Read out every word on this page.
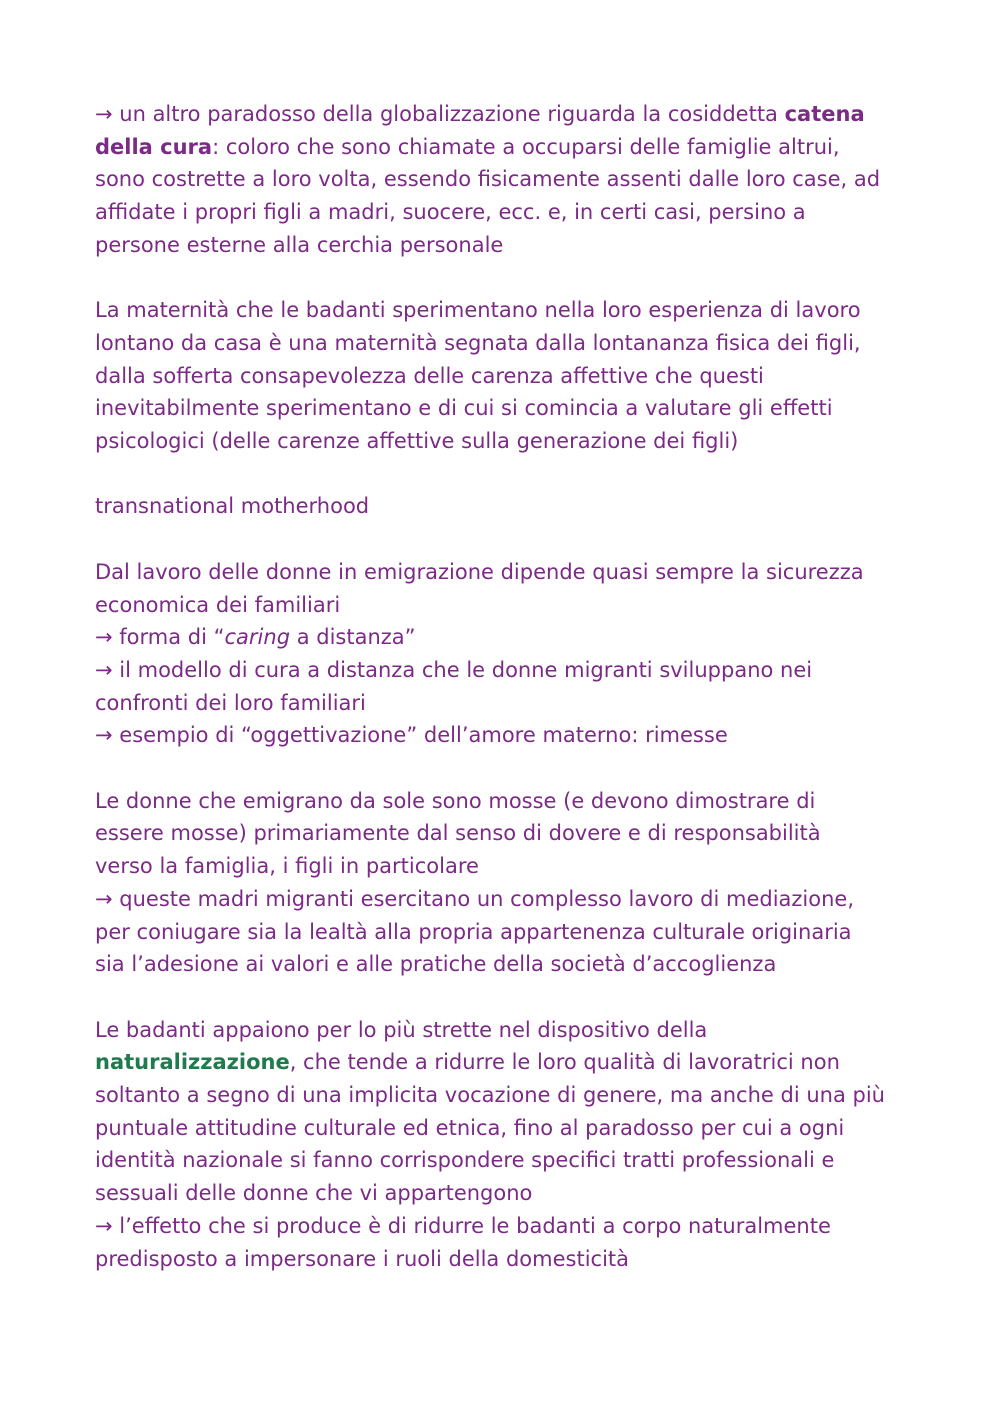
→ un altro paradosso della globalizzazione riguarda la cosiddetta catena
della cura: coloro che sono chiamate a occuparsi delle famiglie altrui,
sono costrette a loro volta, essendo fisicamente assenti dalle loro case, ad
affidate i propri figli a madri, suocere, ecc. e, in certi casi, persino a
persone esterne alla cerchia personale
La maternità che le badanti sperimentano nella loro esperienza di lavoro
lontano da casa è una maternità segnata dalla lontananza fisica dei figli,
dalla sofferta consapevolezza delle carenza affettive che questi
inevitabilmente sperimentano e di cui si comincia a valutare gli effetti
psicologici (delle carenze affettive sulla generazione dei figli)
transnational motherhood
Dal lavoro delle donne in emigrazione dipende quasi sempre la sicurezza
economica dei familiari
→ forma di “caring a distanza”
→ il modello di cura a distanza che le donne migranti sviluppano nei
confronti dei loro familiari
→ esempio di “oggettivazione” dell’amore materno: rimesse
Le donne che emigrano da sole sono mosse (e devono dimostrare di
essere mosse) primariamente dal senso di dovere e di responsabilità
verso la famiglia, i figli in particolare
→ queste madri migranti esercitano un complesso lavoro di mediazione,
per coniugare sia la lealtà alla propria appartenenza culturale originaria
sia l’adesione ai valori e alle pratiche della società d’accoglienza
Le badanti appaiono per lo più strette nel dispositivo della
naturalizzazione, che tende a ridurre le loro qualità di lavoratrici non
soltanto a segno di una implicita vocazione di genere, ma anche di una più
puntuale attitudine culturale ed etnica, fino al paradosso per cui a ogni
identità nazionale si fanno corrispondere specifici tratti professionali e
sessuali delle donne che vi appartengono
→ l’effetto che si produce è di ridurre le badanti a corpo naturalmente
predisposto a impersonare i ruoli della domesticità
